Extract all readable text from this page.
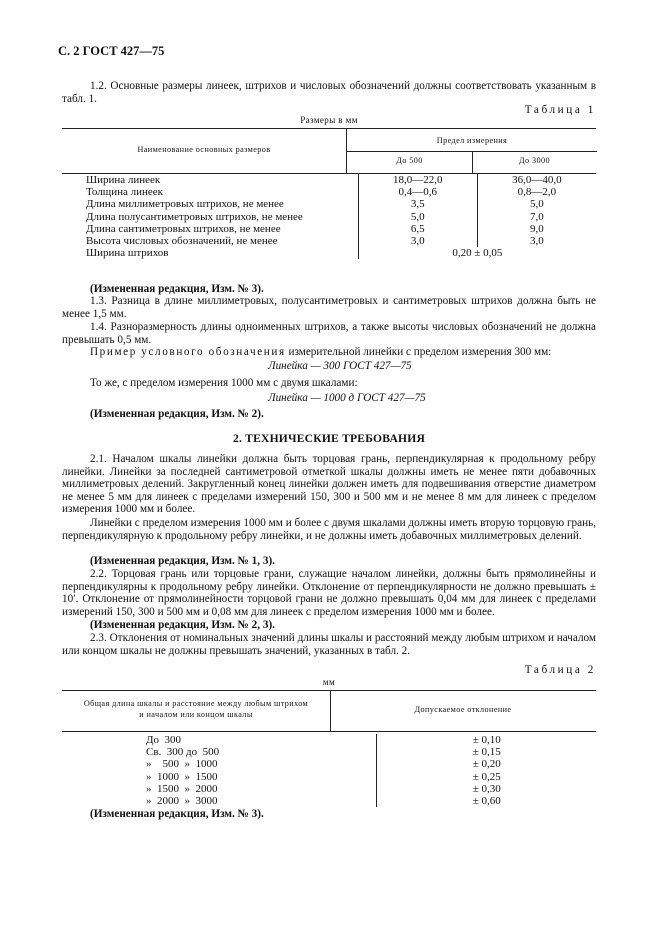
С. 2 ГОСТ 427—75

1.2. Основные размеры линеек, штрихов и числовых обозначений должны соответствовать указанным в табл. 1.

Таблица 1

Размеры в мм
Наименование основных размеров
Предел измерения
До 500	До 3000
Ширина линеек	18,0—22,0	36,0—40,0
Толщина линеек	0,4—0,6	0,8—2,0
Длина миллиметровых штрихов, не менее	3,5	5,0
Длина полусантиметровых штрихов, не менее	5,0	7,0
Длина сантиметровых штрихов, не менее	6,5	9,0
Высота числовых обозначений, не менее	3,0	3,0
Ширина штрихов	0,20 ± 0,05	

(Измененная редакция, Изм. № 3).

1.3. Разница в длине миллиметровых, полусантиметровых и сантиметровых штрихов должна быть не менее 1,5 мм.

1.4. Разноразмерность длины одноименных штрихов, а также высоты числовых обозначений не должна превышать 0,5 мм.

Пример условного обозначения измерительной линейки с пределом измерения 300 мм:

Линейка — 300 ГОСТ 427—75

То же, с пределом измерения 1000 мм с двумя шкалами:

Линейка — 1000 д ГОСТ 427—75

(Измененная редакция, Изм. № 2).

2. ТЕХНИЧЕСКИЕ ТРЕБОВАНИЯ

2.1. Началом шкалы линейки должна быть торцовая грань, перпендикулярная к продольному ребру линейки. Линейки за последней сантиметровой отметкой шкалы должны иметь не менее пяти добавочных миллиметровых делений. Закругленный конец линейки должен иметь для подвешивания отверстие диаметром не менее 5 мм для линеек с пределами измерений 150, 300 и 500 мм и не менее 8 мм для линеек с пределом измерения 1000 мм и более.

Линейки с пределом измерения 1000 мм и более с двумя шкалами должны иметь вторую торцовую грань, перпендикулярную к продольному ребру линейки, и не должны иметь добавочных миллиметровых делений.

(Измененная редакция, Изм. № 1, 3).

2.2. Торцовая грань или торцовые грани, служащие началом линейки, должны быть прямолинейны и перпендикулярны к продольному ребру линейки. Отклонение от перпендикулярности не должно превышать ± 10′. Отклонение от прямолинейности торцовой грани не должно превышать 0,04 мм для линеек с пределами измерений 150, 300 и 500 мм и 0,08 мм для линеек с пределом измерения 1000 мм и более.

(Измененная редакция, Изм. № 2, 3).

2.3. Отклонения от номинальных значений длины шкалы и расстояний между любым штрихом и началом или концом шкалы не должны превышать значений, указанных в табл. 2.

Таблица 2

мм
Общая длина шкалы и расстояние между любым штрихом
и началом или концом шкалы
Допускаемое отклонение
До  300	± 0,10
Св.  300 до  500	± 0,15
»    500  »  1000	± 0,20
»  1000  »  1500	± 0,25
»  1500  »  2000	± 0,30
»  2000  »  3000	± 0,60

(Измененная редакция, Изм. № 3).
